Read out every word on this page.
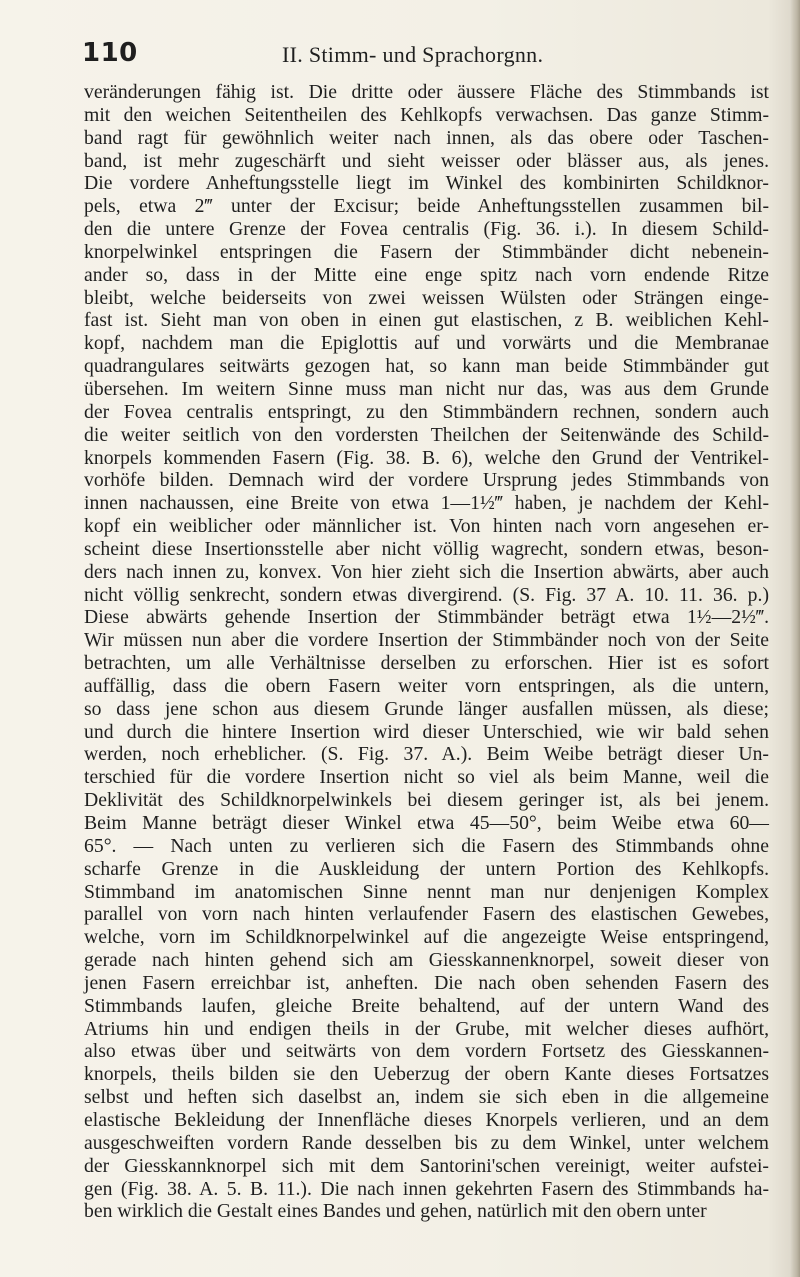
110	II. Stimm- und Sprachorgnn.
veränderungen fähig ist. Die dritte oder äussere Fläche des Stimmbands ist
mit den weichen Seitentheilen des Kehlkopfs verwachsen. Das ganze Stimm-
band ragt für gewöhnlich weiter nach innen, als das obere oder Taschen-
band, ist mehr zugeschärft und sieht weisser oder blässer aus, als jenes.
Die vordere Anheftungsstelle liegt im Winkel des kombinirten Schildknor-
pels, etwa 2‴ unter der Excisur; beide Anheftungsstellen zusammen bil-
den die untere Grenze der Fovea centralis (Fig. 36. i.). In diesem Schild-
knorpelwinkel entspringen die Fasern der Stimmbänder dicht nebenein-
ander so, dass in der Mitte eine enge spitz nach vorn endende Ritze
bleibt, welche beiderseits von zwei weissen Wülsten oder Strängen einge-
fast ist. Sieht man von oben in einen gut elastischen, z B. weiblichen Kehl-
kopf, nachdem man die Epiglottis auf und vorwärts und die Membranae
quadrangulares seitwärts gezogen hat, so kann man beide Stimmbänder gut
übersehen. Im weitern Sinne muss man nicht nur das, was aus dem Grunde
der Fovea centralis entspringt, zu den Stimmbändern rechnen, sondern auch
die weiter seitlich von den vordersten Theilchen der Seitenwände des Schild-
knorpels kommenden Fasern (Fig. 38. B. 6), welche den Grund der Ventrikel-
vorhöfe bilden. Demnach wird der vordere Ursprung jedes Stimmbands von
innen nachaussen, eine Breite von etwa 1—1½‴ haben, je nachdem der Kehl-
kopf ein weiblicher oder männlicher ist. Von hinten nach vorn angesehen er-
scheint diese Insertionsstelle aber nicht völlig wagrecht, sondern etwas, beson-
ders nach innen zu, konvex. Von hier zieht sich die Insertion abwärts, aber auch
nicht völlig senkrecht, sondern etwas divergirend. (S. Fig. 37 A. 10. 11. 36. p.)
Diese abwärts gehende Insertion der Stimmbänder beträgt etwa 1½—2½‴.
Wir müssen nun aber die vordere Insertion der Stimmbänder noch von der Seite
betrachten, um alle Verhältnisse derselben zu erforschen. Hier ist es sofort
auffällig, dass die obern Fasern weiter vorn entspringen, als die untern,
so dass jene schon aus diesem Grunde länger ausfallen müssen, als diese;
und durch die hintere Insertion wird dieser Unterschied, wie wir bald sehen
werden, noch erheblicher. (S. Fig. 37. A.). Beim Weibe beträgt dieser Un-
terschied für die vordere Insertion nicht so viel als beim Manne, weil die
Deklivität des Schildknorpelwinkels bei diesem geringer ist, als bei jenem.
Beim Manne beträgt dieser Winkel etwa 45—50°, beim Weibe etwa 60—
65°. — Nach unten zu verlieren sich die Fasern des Stimmbands ohne
scharfe Grenze in die Auskleidung der untern Portion des Kehlkopfs.
Stimmband im anatomischen Sinne nennt man nur denjenigen Komplex
parallel von vorn nach hinten verlaufender Fasern des elastischen Gewebes,
welche, vorn im Schildknorpelwinkel auf die angezeigte Weise entspringend,
gerade nach hinten gehend sich am Giesskannenknorpel, soweit dieser von
jenen Fasern erreichbar ist, anheften. Die nach oben sehenden Fasern des
Stimmbands laufen, gleiche Breite behaltend, auf der untern Wand des
Atriums hin und endigen theils in der Grube, mit welcher dieses aufhört,
also etwas über und seitwärts von dem vordern Fortsetz des Giesskannen-
knorpels, theils bilden sie den Ueberzug der obern Kante dieses Fortsatzes
selbst und heften sich daselbst an, indem sie sich eben in die allgemeine
elastische Bekleidung der Innenfläche dieses Knorpels verlieren, und an dem
ausgeschweiften vordern Rande desselben bis zu dem Winkel, unter welchem
der Giesskannknorpel sich mit dem Santorini'schen vereinigt, weiter aufstei-
gen (Fig. 38. A. 5. B. 11.). Die nach innen gekehrten Fasern des Stimmbands ha-
ben wirklich die Gestalt eines Bandes und gehen, natürlich mit den obern unter
